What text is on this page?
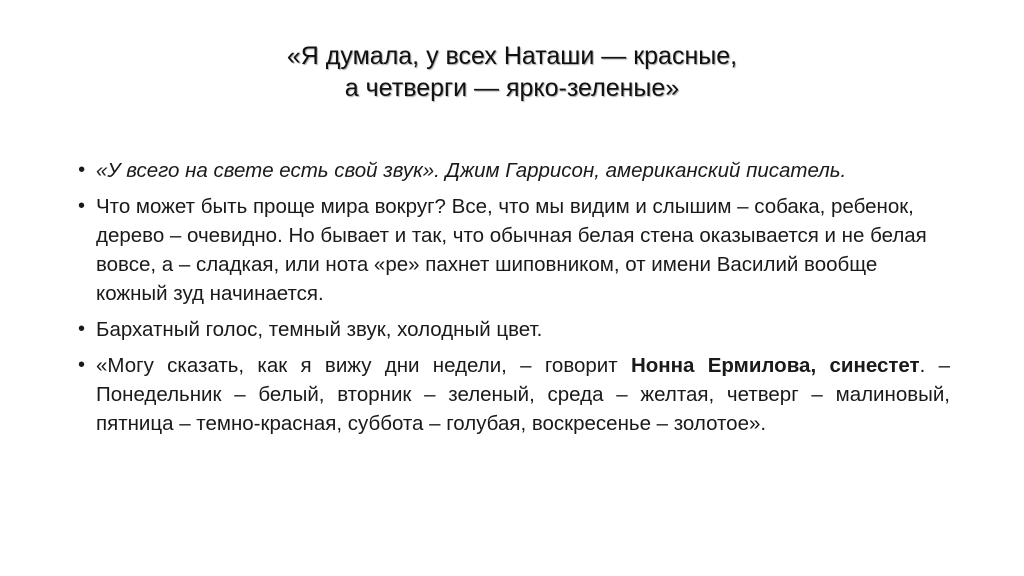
«Я думала, у всех Наташи — красные,
а четверги — ярко-зеленые»
• «У всего на свете есть свой звук». Джим Гаррисон, американский писатель.
• Что может быть проще мира вокруг? Все, что мы видим и слышим – собака, ребенок, дерево – очевидно. Но бывает и так, что обычная белая стена оказывается и не белая вовсе, а – сладкая, или нота «ре» пахнет шиповником, от имени Василий вообще кожный зуд начинается.
• Бархатный голос, темный звук, холодный цвет.
• «Могу сказать, как я вижу дни недели, – говорит Нонна Ермилова, синестет. – Понедельник – белый, вторник – зеленый, среда – желтая, четверг – малиновый, пятница – темно-красная, суббота – голубая, воскресенье – золотое».
